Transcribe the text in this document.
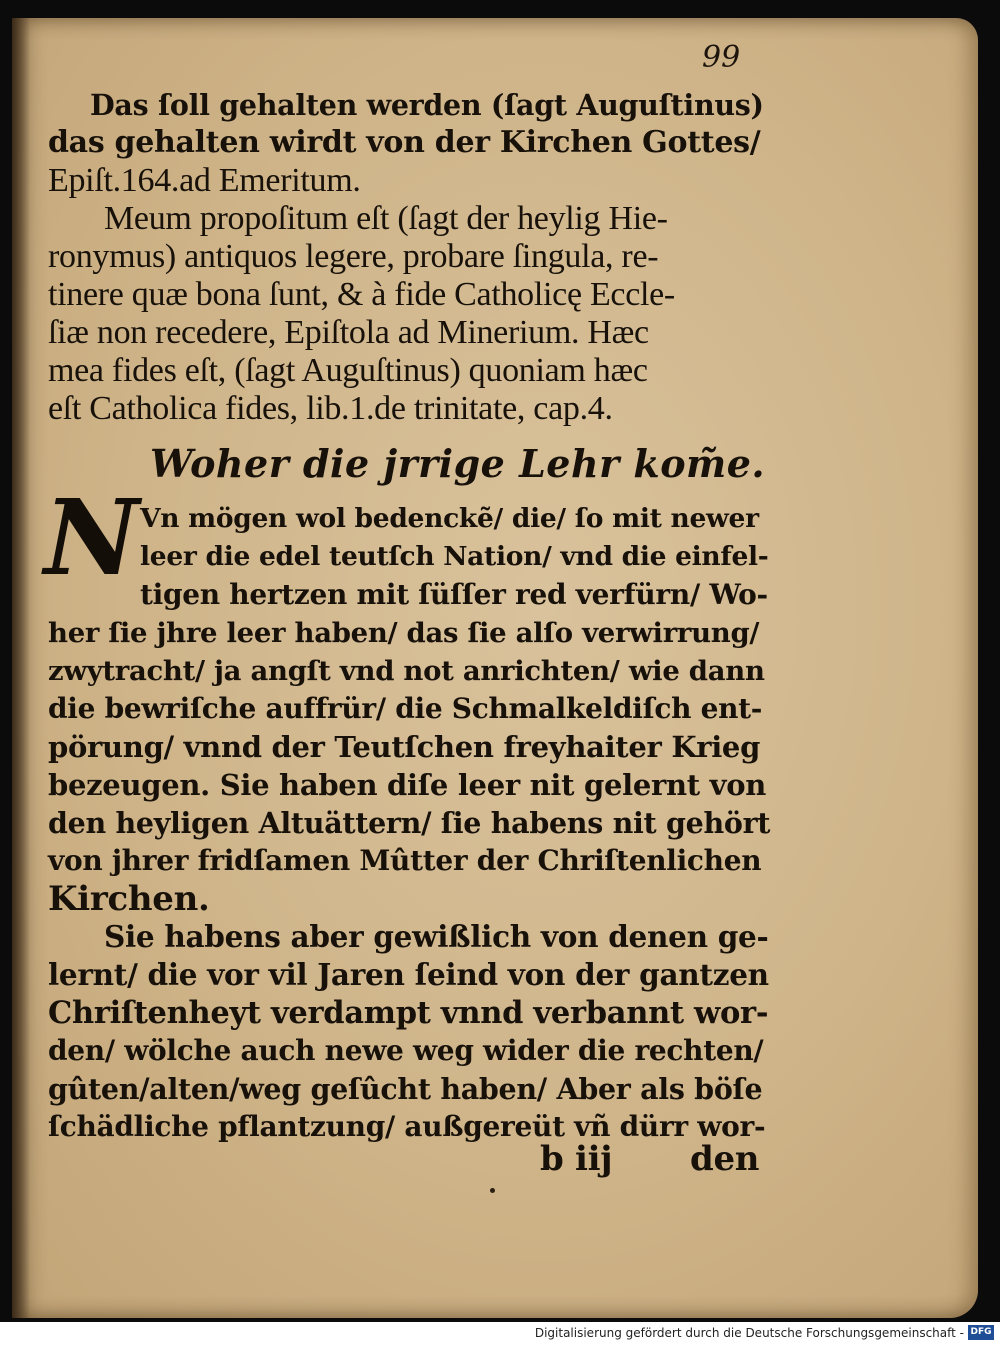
99
Das ſoll gehalten werden (ſagt Auguſtinus)
das gehalten wirdt von der Kirchen Gottes/
Epiſt.164.ad Emeritum.
Meum propoſitum eſt (ſagt der heylig Hie-
ronymus) antiquos legere, probare ſingula, re-
tinere quæ bona ſunt, & à fide Catholicę Eccle-
ſiæ non recedere, Epiſtola ad Minerium. Hæc
mea fides eſt, (ſagt Auguſtinus) quoniam hæc
eſt Catholica fides, lib.1.de trinitate, cap.4.
Woher die jrrige Lehr kom̃e.
N Vn mögen wol bedenckẽ/ die/ ſo mit newer
leer die edel teutſch Nation/ vnd die einfel-
tigen hertzen mit ſüſſer red verfürn/ Wo-
her ſie jhre leer haben/ das ſie alſo verwirrung/
zwytracht/ ja angſt vnd not anrichten/ wie dann
die bewriſche auffrür/ die Schmalkeldiſch ent-
pörung/ vnnd der Teutſchen freyhaiter Krieg
bezeugen. Sie haben diſe leer nit gelernt von
den heyligen Altuättern/ ſie habens nit gehört
von jhrer fridſamen Mûtter der Chriſtenlichen
Kirchen.
Sie habens aber gewißlich von denen ge-
lernt/ die vor vil Jaren ſeind von der gantzen
Chriſtenheyt verdampt vnnd verbannt wor-
den/ wölche auch newe weg wider die rechten/
gûten/alten/weg geſûcht haben/ Aber als böſe
ſchädliche pflantzung/ außgereüt vñ dürr wor-
b iij den
Digitalisierung gefördert durch die Deutsche Forschungsgemeinschaft - DFG
